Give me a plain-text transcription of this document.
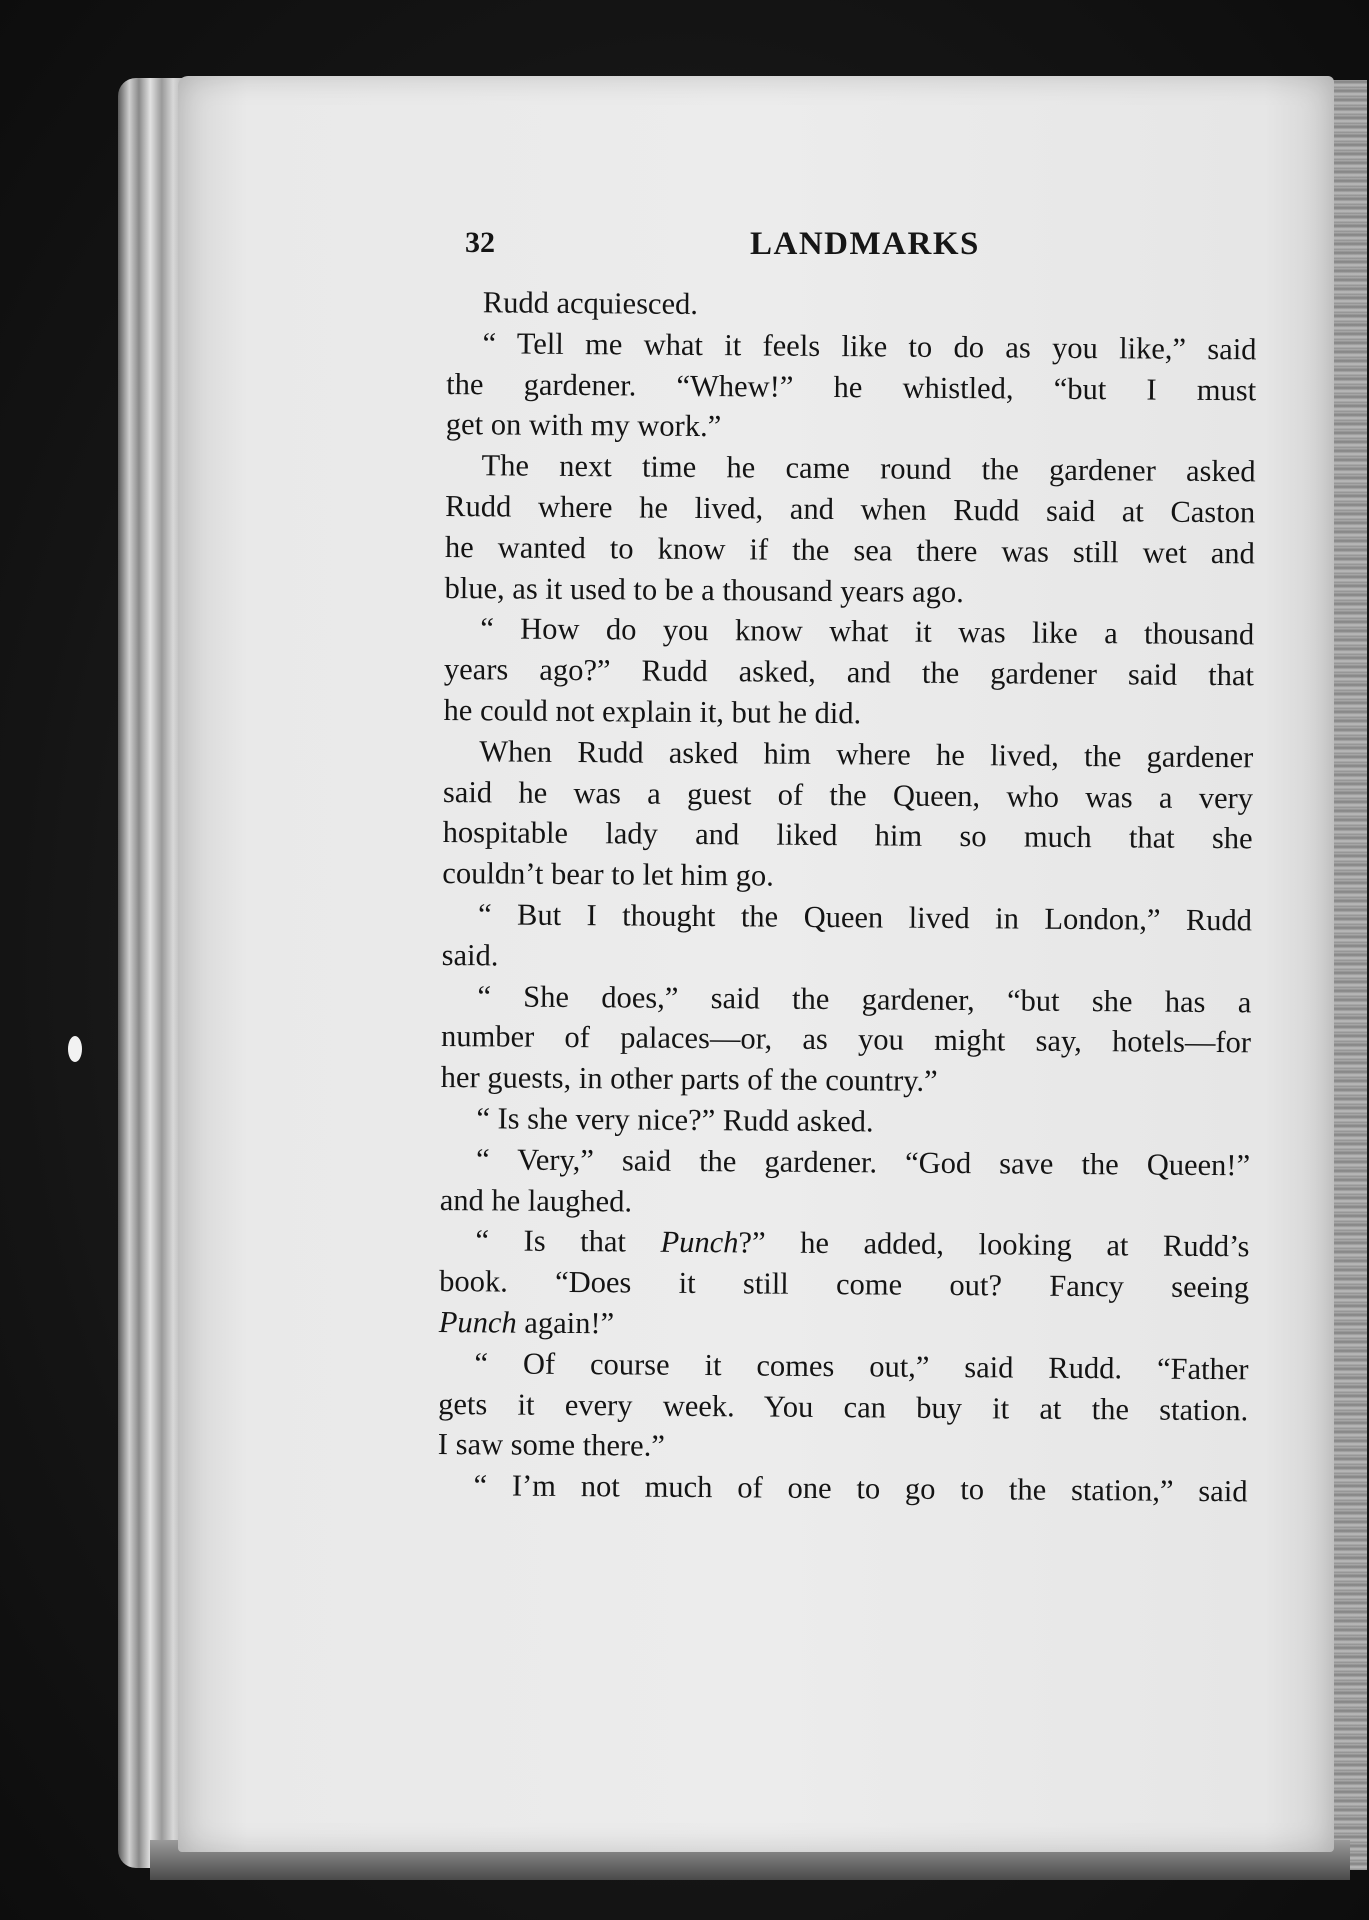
32	LANDMARKS
Rudd acquiesced.
“ Tell me what it feels like to do as you like,” said
the gardener. “Whew!” he whistled, “but I must
get on with my work.”
The next time he came round the gardener asked
Rudd where he lived, and when Rudd said at Caston
he wanted to know if the sea there was still wet and
blue, as it used to be a thousand years ago.
“ How do you know what it was like a thousand
years ago?” Rudd asked, and the gardener said that
he could not explain it, but he did.
When Rudd asked him where he lived, the gardener
said he was a guest of the Queen, who was a very
hospitable lady and liked him so much that she
couldn’t bear to let him go.
“ But I thought the Queen lived in London,” Rudd
said.
“ She does,” said the gardener, “but she has a
number of palaces—or, as you might say, hotels—for
her guests, in other parts of the country.”
“ Is she very nice?” Rudd asked.
“ Very,” said the gardener. “God save the Queen!”
and he laughed.
“ Is that Punch?” he added, looking at Rudd’s
book. “Does it still come out? Fancy seeing
Punch again!”
“ Of course it comes out,” said Rudd. “Father
gets it every week. You can buy it at the station.
I saw some there.”
“ I’m not much of one to go to the station,” said
